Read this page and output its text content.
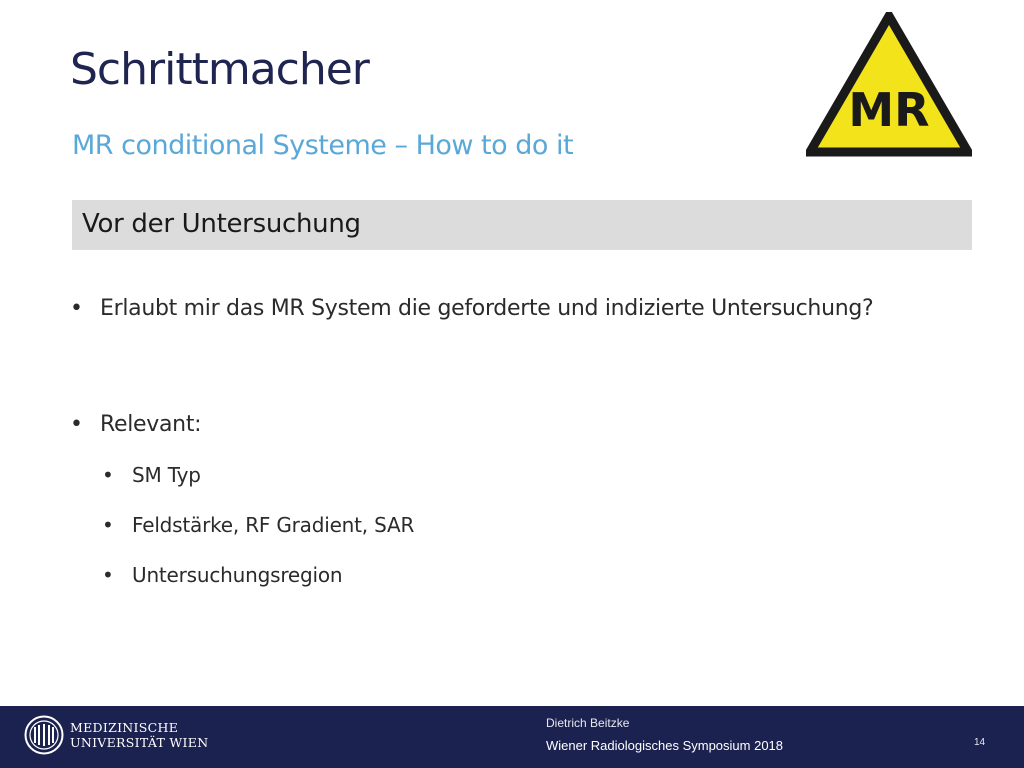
Schrittmacher
MR conditional Systeme – How to do it
MR
Vor der Untersuchung
• Erlaubt mir das MR System die geforderte und indizierte Untersuchung?
• Relevant:
• SM Typ
• Feldstärke, RF Gradient, SAR
• Untersuchungsregion
MEDIZINISCHE
UNIVERSITÄT WIEN
Dietrich Beitzke
Wiener Radiologisches Symposium 2018	14
